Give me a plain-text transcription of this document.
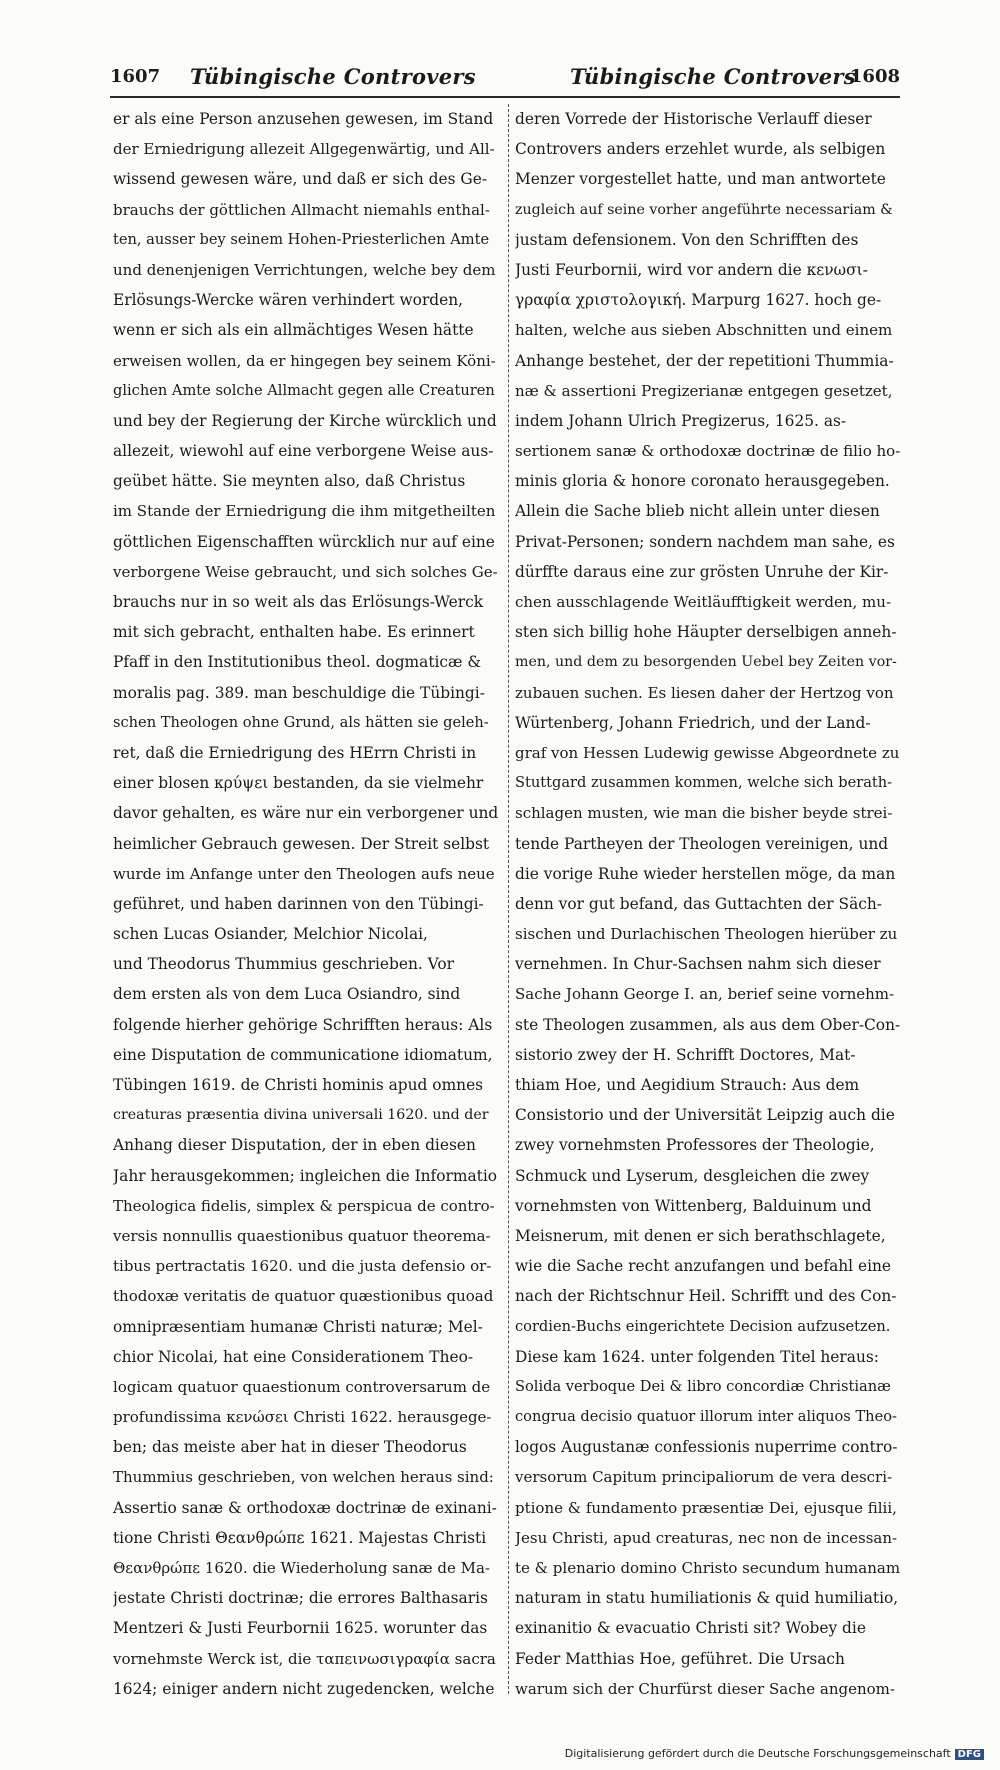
1607 Tübingische Controvers	Tübingische Controvers
1608
er als eine Person anzusehen gewesen, im Stand
der Erniedrigung allezeit Allgegenwärtig, und All-
wissend gewesen wäre, und daß er sich des Ge-
brauchs der göttlichen Allmacht niemahls enthal-
ten, ausser bey seinem Hohen-Priesterlichen Amte
und denenjenigen Verrichtungen, welche bey dem
Erlösungs-Wercke wären verhindert worden,
wenn er sich als ein allmächtiges Wesen hätte
erweisen wollen, da er hingegen bey seinem Köni-
glichen Amte solche Allmacht gegen alle Creaturen
und bey der Regierung der Kirche würcklich und
allezeit, wiewohl auf eine verborgene Weise aus-
geübet hätte. Sie meynten also, daß Christus
im Stande der Erniedrigung die ihm mitgetheilten
göttlichen Eigenschafften würcklich nur auf eine
verborgene Weise gebraucht, und sich solches Ge-
brauchs nur in so weit als das Erlösungs-Werck
mit sich gebracht, enthalten habe. Es erinnert
Pfaff in den Institutionibus theol. dogmaticæ &
moralis pag. 389. man beschuldige die Tübingi-
schen Theologen ohne Grund, als hätten sie geleh-
ret, daß die Erniedrigung des HErrn Christi in
einer blosen κρύψει bestanden, da sie vielmehr
davor gehalten, es wäre nur ein verborgener und
heimlicher Gebrauch gewesen. Der Streit selbst
wurde im Anfange unter den Theologen aufs neue
geführet, und haben darinnen von den Tübingi-
schen Lucas Osiander, Melchior Nicolai,
und Theodorus Thummius geschrieben. Vor
dem ersten als von dem Luca Osiandro, sind
folgende hierher gehörige Schrifften heraus: Als
eine Disputation de communicatione idiomatum,
Tübingen 1619. de Christi hominis apud omnes
creaturas præsentia divina universali 1620. und der
Anhang dieser Disputation, der in eben diesen
Jahr herausgekommen; ingleichen die Informatio
Theologica fidelis, simplex & perspicua de contro-
versis nonnullis quaestionibus quatuor theorema-
tibus pertractatis 1620. und die justa defensio or-
thodoxæ veritatis de quatuor quæstionibus quoad
omnipræsentiam humanæ Christi naturæ; Mel-
chior Nicolai, hat eine Considerationem Theo-
logicam quatuor quaestionum controversarum de
profundissima κενώσει Christi 1622. herausgege-
ben; das meiste aber hat in dieser Theodorus
Thummius geschrieben, von welchen heraus sind:
Assertio sanæ & orthodoxæ doctrinæ de exinani-
tione Christi Θεανθρώπε 1621. Majestas Christi
Θεανθρώπε 1620. die Wiederholung sanæ de Ma-
jestate Christi doctrinæ; die errores Balthasaris
Mentzeri & Justi Feurbornii 1625. worunter das
vornehmste Werck ist, die ταπεινωσιγραφία sacra
1624; einiger andern nicht zugedencken, welche
deren Vorrede der Historische Verlauff dieser
Controvers anders erzehlet wurde, als selbigen
Menzer vorgestellet hatte, und man antwortete
zugleich auf seine vorher angeführte necessariam &
justam defensionem. Von den Schrifften des
Justi Feurbornii, wird vor andern die κενωσι-
γραφία χριστολογική. Marpurg 1627. hoch ge-
halten, welche aus sieben Abschnitten und einem
Anhange bestehet, der der repetitioni Thummia-
næ & assertioni Pregizerianæ entgegen gesetzet,
indem Johann Ulrich Pregizerus, 1625. as-
sertionem sanæ & orthodoxæ doctrinæ de filio ho-
minis gloria & honore coronato herausgegeben.
Allein die Sache blieb nicht allein unter diesen
Privat-Personen; sondern nachdem man sahe, es
dürffte daraus eine zur grösten Unruhe der Kir-
chen ausschlagende Weitläufftigkeit werden, mu-
sten sich billig hohe Häupter derselbigen anneh-
men, und dem zu besorgenden Uebel bey Zeiten vor-
zubauen suchen. Es liesen daher der Hertzog von
Würtenberg, Johann Friedrich, und der Land-
graf von Hessen Ludewig gewisse Abgeordnete zu
Stuttgard zusammen kommen, welche sich berath-
schlagen musten, wie man die bisher beyde strei-
tende Partheyen der Theologen vereinigen, und
die vorige Ruhe wieder herstellen möge, da man
denn vor gut befand, das Guttachten der Säch-
sischen und Durlachischen Theologen hierüber zu
vernehmen. In Chur-Sachsen nahm sich dieser
Sache Johann George I. an, berief seine vornehm-
ste Theologen zusammen, als aus dem Ober-Con-
sistorio zwey der H. Schrifft Doctores, Mat-
thiam Hoe, und Aegidium Strauch: Aus dem
Consistorio und der Universität Leipzig auch die
zwey vornehmsten Professores der Theologie,
Schmuck und Lyserum, desgleichen die zwey
vornehmsten von Wittenberg, Balduinum und
Meisnerum, mit denen er sich berathschlagete,
wie die Sache recht anzufangen und befahl eine
nach der Richtschnur Heil. Schrifft und des Con-
cordien-Buchs eingerichtete Decision aufzusetzen.
Diese kam 1624. unter folgenden Titel heraus:
Solida verboque Dei & libro concordiæ Christianæ
congrua decisio quatuor illorum inter aliquos Theo-
logos Augustanæ confessionis nuperrime contro-
versorum Capitum principaliorum de vera descri-
ptione & fundamento præsentiæ Dei, ejusque filii,
Jesu Christi, apud creaturas, nec non de incessan-
te & plenario domino Christo secundum humanam
naturam in statu humiliationis & quid humiliatio,
exinanitio & evacuatio Christi sit? Wobey die
Feder Matthias Hoe, geführet. Die Ursach
warum sich der Churfürst dieser Sache angenom-
Digitalisierung gefördert durch die Deutsche Forschungsgemeinschaft DFG
